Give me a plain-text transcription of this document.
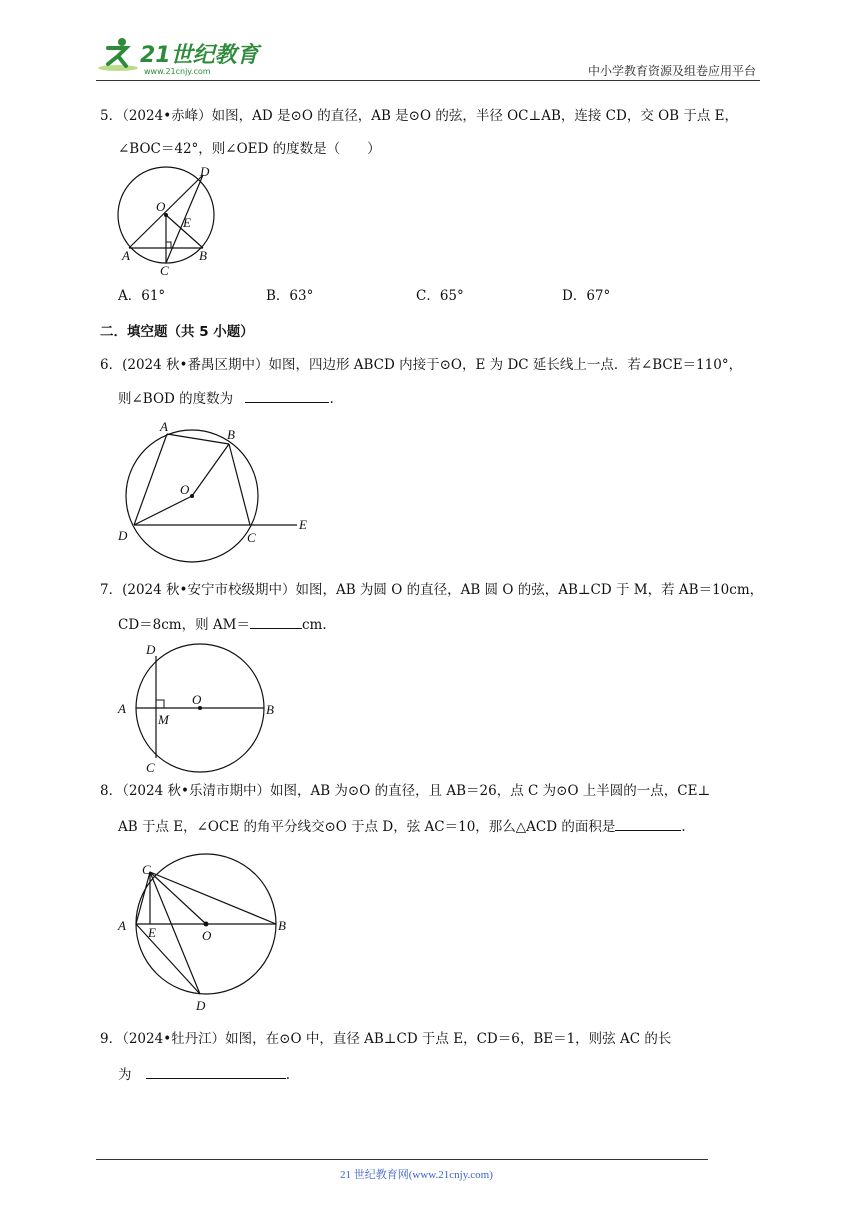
21世纪教育
www.21cnjy.com	中小学教育资源及组卷应用平台
5．（2024•赤峰）如图，AD 是⊙O 的直径，AB 是⊙O 的弦，半径 OC⊥AB，连接 CD，交 OB 于点 E，
∠BOC＝42°，则∠OED 的度数是（　　）
O
D
E
A	B
C
A．61°	B．63°	C．65°	D．67°
二．填空题（共 5 小题）
6．(2024 秋•番禺区期中）如图，四边形 ABCD 内接于⊙O，E 为 DC 延长线上一点．若∠BCE＝110°，
则∠BOD 的度数为	.
A
B
O
D	C
E
7．(2024 秋•安宁市校级期中）如图，AB 为圆 O 的直径，AB 圆 O 的弦，AB⊥CD 于 M，若 AB＝10cm，
CD＝8cm，则 AM＝	cm.
D
A
M
O
B
C
8．（2024 秋•乐清市期中）如图，AB 为⊙O 的直径，且 AB＝26，点 C 为⊙O 上半圆的一点，CE⊥
AB 于点 E，∠OCE 的角平分线交⊙O 于点 D，弦 AC＝10，那么△ACD 的面积是	.
C
A E	O
B
D
9．（2024•牡丹江）如图，在⊙O 中，直径 AB⊥CD 于点 E，CD＝6，BE＝1，则弦 AC 的长
为	.
21 世纪教育网(www.21cnjy.com)
